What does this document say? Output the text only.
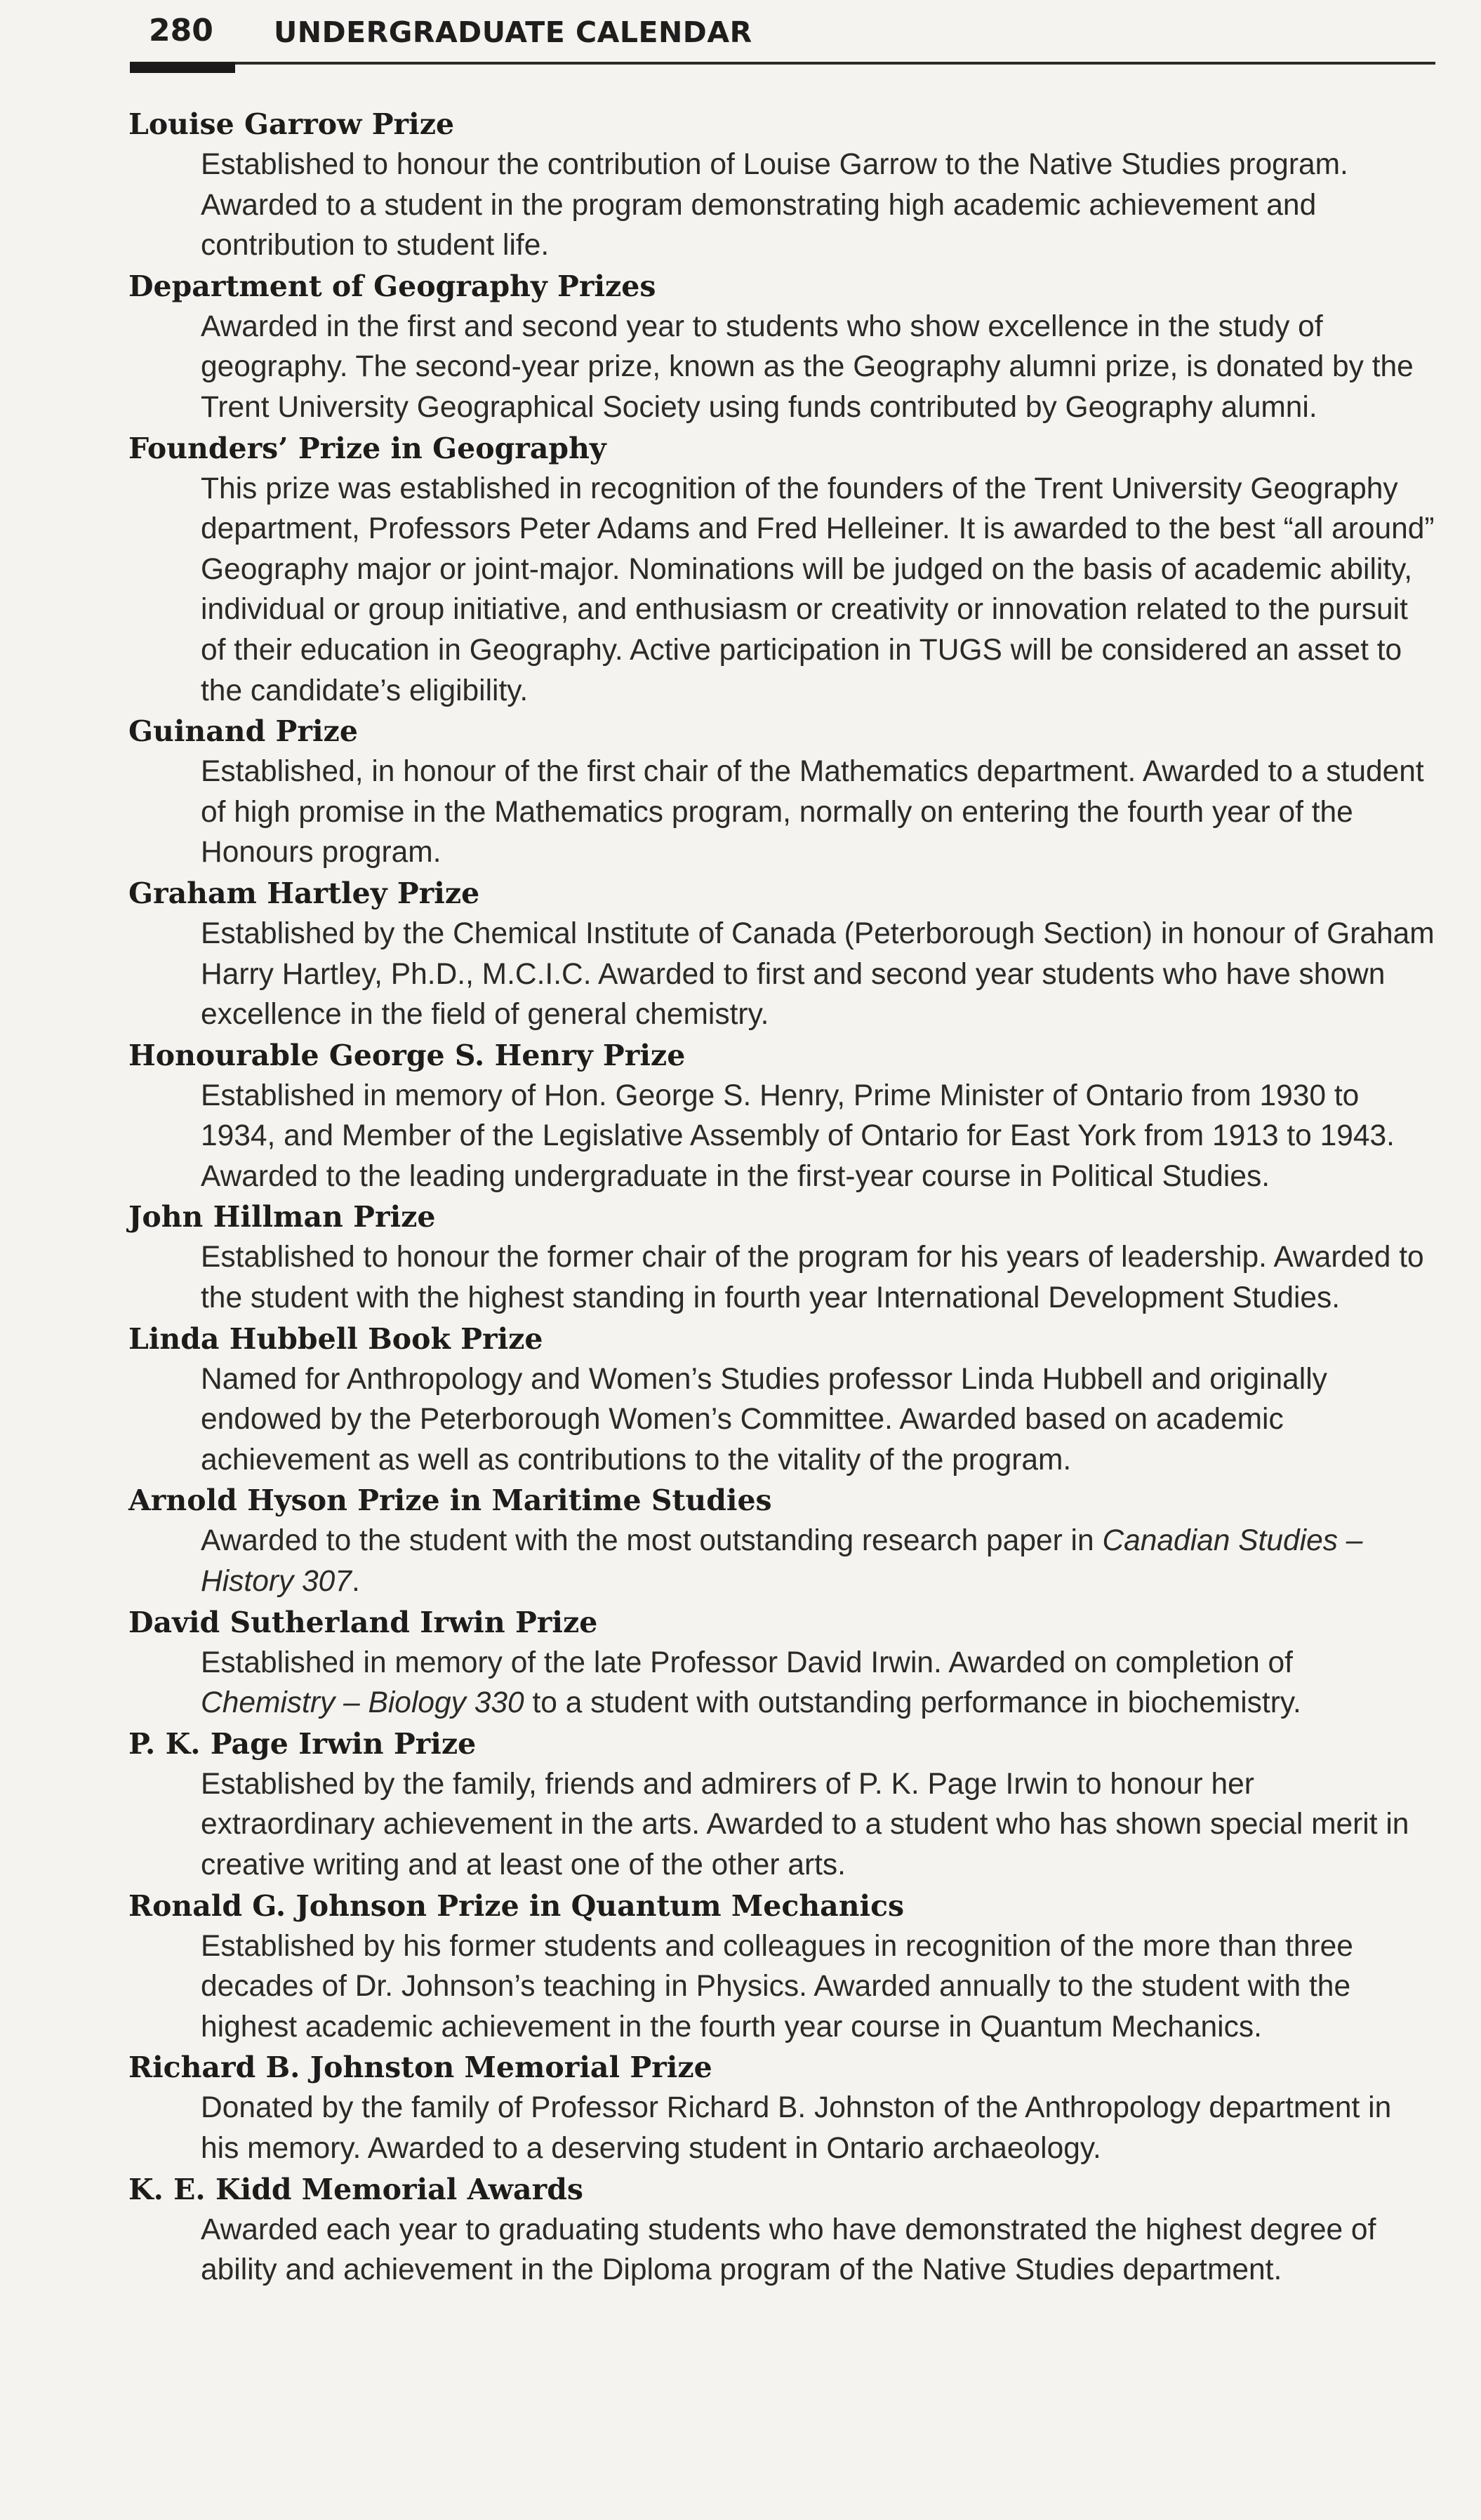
280 UNDERGRADUATE CALENDAR
Louise Garrow Prize
Established to honour the contribution of Louise Garrow to the Native Studies program. Awarded to a student in the program demonstrating high academic achievement and contribution to student life.
Department of Geography Prizes
Awarded in the first and second year to students who show excellence in the study of geography. The second-year prize, known as the Geography alumni prize, is donated by the Trent University Geographical Society using funds contributed by Geography alumni.
Founders’ Prize in Geography
This prize was established in recognition of the founders of the Trent University Geography department, Professors Peter Adams and Fred Helleiner. It is awarded to the best “all around” Geography major or joint-major. Nominations will be judged on the basis of academic ability, individual or group initiative, and enthusiasm or creativity or innovation related to the pursuit of their education in Geography. Active participation in TUGS will be considered an asset to the candidate’s eligibility.
Guinand Prize
Established, in honour of the first chair of the Mathematics department. Awarded to a student of high promise in the Mathematics program, normally on entering the fourth year of the Honours program.
Graham Hartley Prize
Established by the Chemical Institute of Canada (Peterborough Section) in honour of Graham Harry Hartley, Ph.D., M.C.I.C. Awarded to first and second year students who have shown excellence in the field of general chemistry.
Honourable George S. Henry Prize
Established in memory of Hon. George S. Henry, Prime Minister of Ontario from 1930 to 1934, and Member of the Legislative Assembly of Ontario for East York from 1913 to 1943. Awarded to the leading undergraduate in the first-year course in Political Studies.
John Hillman Prize
Established to honour the former chair of the program for his years of leadership. Awarded to the student with the highest standing in fourth year International Development Studies.
Linda Hubbell Book Prize
Named for Anthropology and Women’s Studies professor Linda Hubbell and originally endowed by the Peterborough Women’s Committee. Awarded based on academic achievement as well as contributions to the vitality of the program.
Arnold Hyson Prize in Maritime Studies
Awarded to the student with the most outstanding research paper in Canadian Studies – History 307.
David Sutherland Irwin Prize
Established in memory of the late Professor David Irwin. Awarded on completion of Chemistry – Biology 330 to a student with outstanding performance in biochemistry.
P. K. Page Irwin Prize
Established by the family, friends and admirers of P. K. Page Irwin to honour her extraordinary achievement in the arts. Awarded to a student who has shown special merit in creative writing and at least one of the other arts.
Ronald G. Johnson Prize in Quantum Mechanics
Established by his former students and colleagues in recognition of the more than three decades of Dr. Johnson’s teaching in Physics. Awarded annually to the student with the highest academic achievement in the fourth year course in Quantum Mechanics.
Richard B. Johnston Memorial Prize
Donated by the family of Professor Richard B. Johnston of the Anthropology department in his memory. Awarded to a deserving student in Ontario archaeology.
K. E. Kidd Memorial Awards
Awarded each year to graduating students who have demonstrated the highest degree of ability and achievement in the Diploma program of the Native Studies department.
